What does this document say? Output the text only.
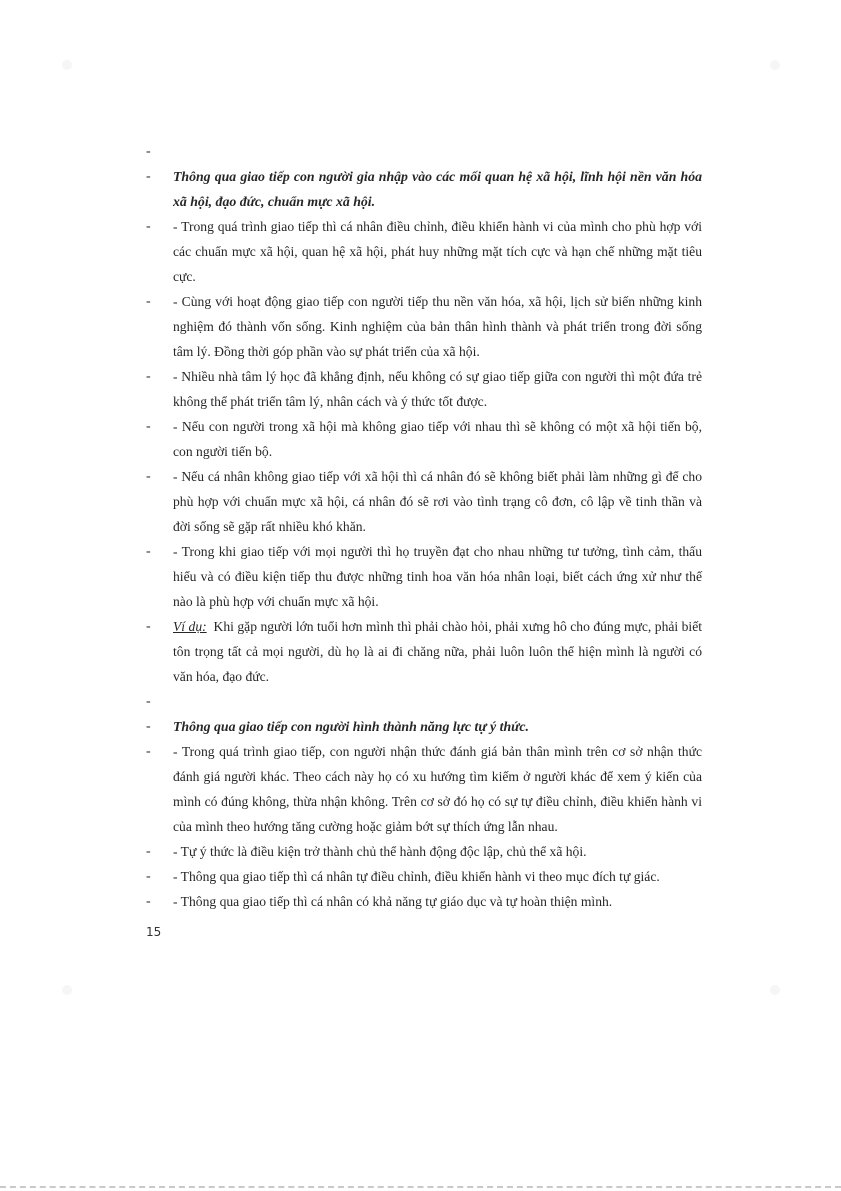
-
-	Thông qua giao tiếp con người gia nhập vào các mối quan hệ xã hội, lĩnh hội nền văn hóa xã hội, đạo đức, chuẩn mực xã hội.
-	- Trong quá trình giao tiếp thì cá nhân điều chỉnh, điều khiển hành vi của mình cho phù hợp với các chuẩn mực xã hội, quan hệ xã hội, phát huy những mặt tích cực và hạn chế những mặt tiêu cực.
-	- Cùng với hoạt động giao tiếp con người tiếp thu nền văn hóa, xã hội, lịch sử biến những kinh nghiệm đó thành vốn sống. Kinh nghiệm của bản thân hình thành và phát triển trong đời sống tâm lý. Đồng thời góp phần vào sự phát triển của xã hội.
-	- Nhiều nhà tâm lý học đã khẳng định, nếu không có sự giao tiếp giữa con người thì một đứa trẻ không thể phát triển tâm lý, nhân cách và ý thức tốt được.
-	- Nếu con người trong xã hội mà không giao tiếp với nhau thì sẽ không có một xã hội tiến bộ, con người tiến bộ.
-	- Nếu cá nhân không giao tiếp với xã hội thì cá nhân đó sẽ không biết phải làm những gì để cho phù hợp với chuẩn mực xã hội, cá nhân đó sẽ rơi vào tình trạng cô đơn, cô lập về tinh thần và đời sống sẽ gặp rất nhiều khó khăn.
-	- Trong khi giao tiếp với mọi người thì họ truyền đạt cho nhau những tư tưởng, tình cảm, thấu hiểu và có điều kiện tiếp thu được những tinh hoa văn hóa nhân loại, biết cách ứng xử như thế nào là phù hợp với chuẩn mực xã hội.
-	Ví dụ: Khi gặp người lớn tuổi hơn mình thì phải chào hỏi, phải xưng hô cho đúng mực, phải biết tôn trọng tất cả mọi người, dù họ là ai đi chăng nữa, phải luôn luôn thể hiện mình là người có văn hóa, đạo đức.
-
-	Thông qua giao tiếp con người hình thành năng lực tự ý thức.
-	- Trong quá trình giao tiếp, con người nhận thức đánh giá bản thân mình trên cơ sở nhận thức đánh giá người khác. Theo cách này họ có xu hướng tìm kiếm ở người khác để xem ý kiến của mình có đúng không, thừa nhận không. Trên cơ sở đó họ có sự tự điều chỉnh, điều khiển hành vi của mình theo hướng tăng cường hoặc giảm bớt sự thích ứng lẫn nhau.
-	- Tự ý thức là điều kiện trở thành chủ thể hành động độc lập, chủ thể xã hội.
-	- Thông qua giao tiếp thì cá nhân tự điều chỉnh, điều khiển hành vi theo mục đích tự giác.
-	- Thông qua giao tiếp thì cá nhân có khả năng tự giáo dục và tự hoàn thiện mình.
15
